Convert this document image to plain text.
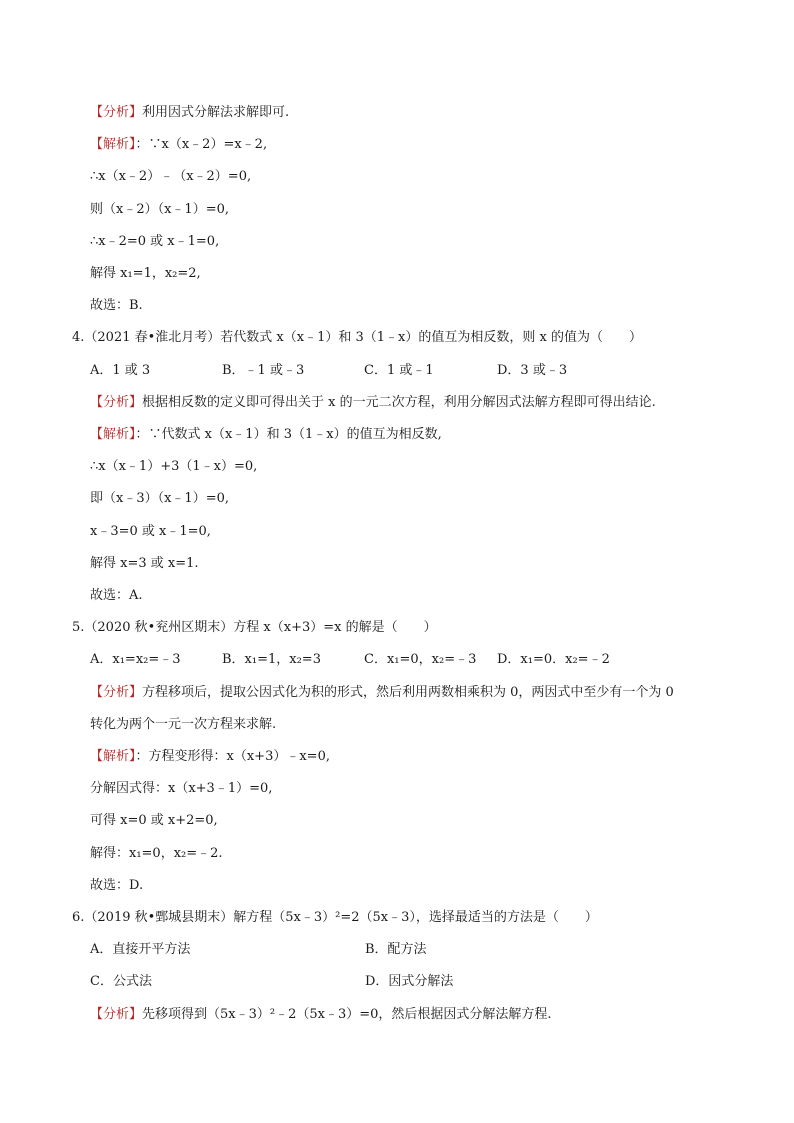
【分析】利用因式分解法求解即可.
【解析】：∵x（x﹣2）=x﹣2,
∴x（x﹣2）﹣（x﹣2）=0,
则（x﹣2）（x﹣1）=0,
∴x﹣2=0 或 x﹣1=0,
解得 x₁=1，x₂=2,
故选：B.
4.（2021 春•淮北月考）若代数式 x（x﹣1）和 3（1﹣x）的值互为相反数，则 x 的值为（　　）
A．1 或 3	B．﹣1 或﹣3	C．1 或﹣1	D．3 或﹣3
【分析】根据相反数的定义即可得出关于 x 的一元二次方程，利用分解因式法解方程即可得出结论.
【解析】：∵代数式 x（x﹣1）和 3（1﹣x）的值互为相反数,
∴x（x﹣1）+3（1﹣x）=0,
即（x﹣3）（x﹣1）=0,
x﹣3=0 或 x﹣1=0,
解得 x=3 或 x=1.
故选：A.
5.（2020 秋•兖州区期末）方程 x（x+3）=x 的解是（　　）
A．x₁=x₂=﹣3	B．x₁=1，x₂=3	C．x₁=0，x₂=﹣3 D．x₁=0．x₂=﹣2
【分析】方程移项后，提取公因式化为积的形式，然后利用两数相乘积为 0，两因式中至少有一个为 0
转化为两个一元一次方程来求解.
【解析】：方程变形得：x（x+3）﹣x=0,
分解因式得：x（x+3﹣1）=0,
可得 x=0 或 x+2=0,
解得：x₁=0，x₂=﹣2.
故选：D.
6.（2019 秋•鄄城县期末）解方程（5x﹣3）²=2（5x﹣3），选择最适当的方法是（　　）
A．直接开平方法	B．配方法
C．公式法	D．因式分解法
【分析】先移项得到（5x﹣3）²﹣2（5x﹣3）=0，然后根据因式分解法解方程.
